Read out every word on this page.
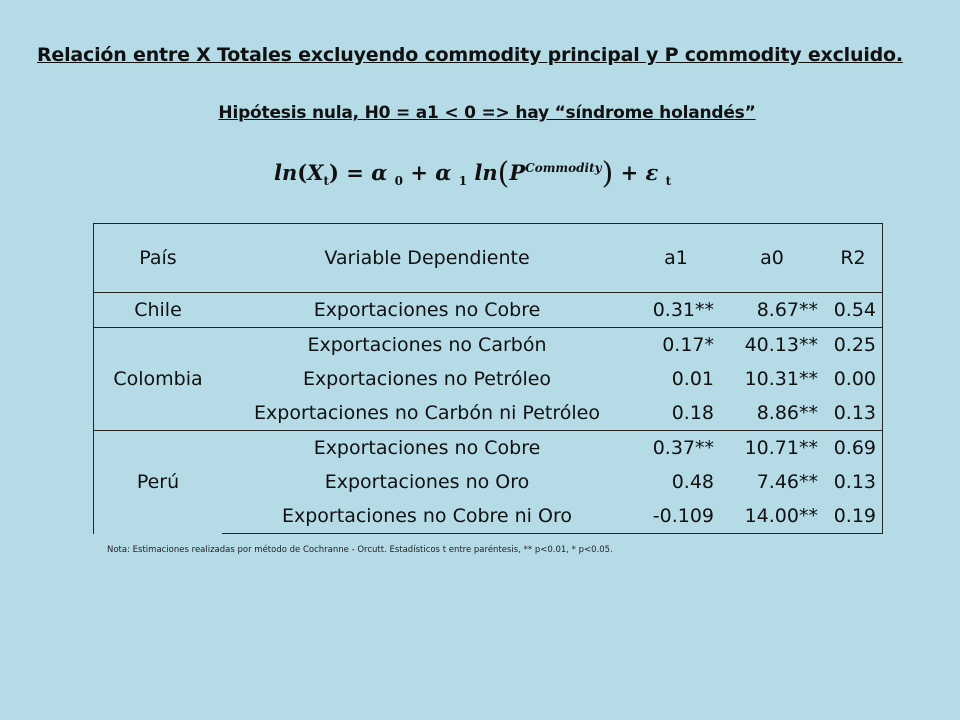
Relación entre X Totales excluyendo commodity principal y P commodity excluido.
Hipótesis nula, H0 = a1 < 0 => hay “síndrome holandés”
$\ln(X_t) = \alpha$ $_0$ + α $_1$ $\ln(P^{Commodity}) + \varepsilon$ $_t$
País	Variable Dependiente	a1	a0	R2
Chile	Exportaciones no Cobre	0.31**	8.67**	0.54
Colombia	Exportaciones no Carbón	0.17*	40.13**	0.25
	Exportaciones no Petróleo	0.01	10.31**	0.00
	Exportaciones no Carbón ni Petróleo	0.18	8.86**	0.13
Perú	Exportaciones no Cobre	0.37**	10.71**	0.69
	Exportaciones no Oro	0.48	7.46**	0.13
	Exportaciones no Cobre ni Oro	-0.109	14.00**	0.19
Nota: Estimaciones realizadas por método de Cochranne - Orcutt. Estadísticos t entre paréntesis, ** p<0.01, * p<0.05.
